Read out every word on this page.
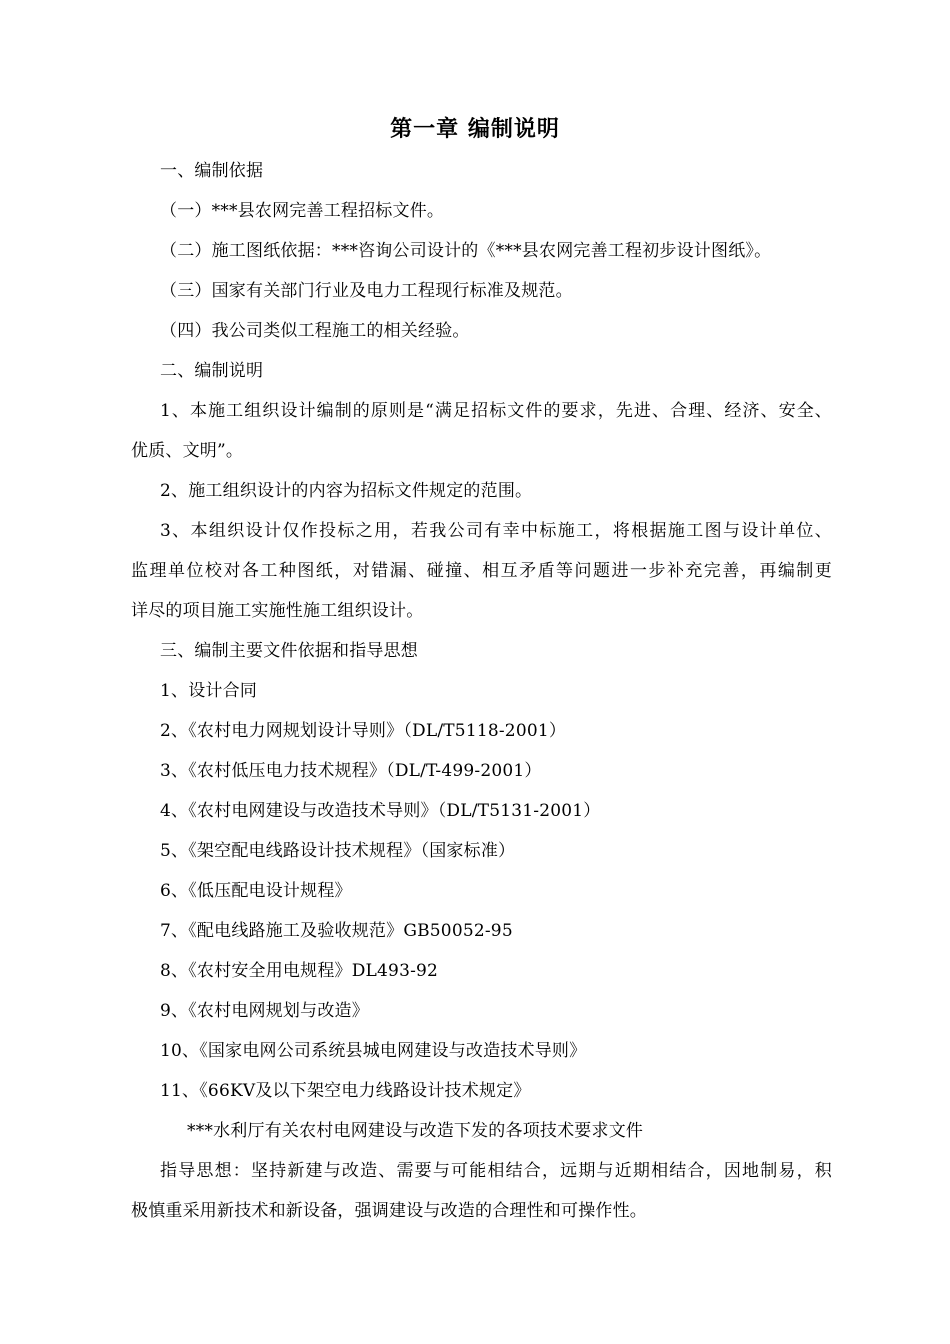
第一章 编制说明
一、编制依据
（一）***县农网完善工程招标文件。
（二）施工图纸依据：***咨询公司设计的《***县农网完善工程初步设计图纸》。
（三）国家有关部门行业及电力工程现行标准及规范。
（四）我公司类似工程施工的相关经验。
二、编制说明
1、本施工组织设计编制的原则是“满足招标文件的要求，先进、合理、经济、安全、
优质、文明”。
2、施工组织设计的内容为招标文件规定的范围。
3、本组织设计仅作投标之用，若我公司有幸中标施工，将根据施工图与设计单位、
监理单位校对各工种图纸，对错漏、碰撞、相互矛盾等问题进一步补充完善，再编制更
详尽的项目施工实施性施工组织设计。
三、编制主要文件依据和指导思想
1、设计合同
2、《农村电力网规划设计导则》（DL/T5118-2001）
3、《农村低压电力技术规程》（DL/T-499-2001）
4、《农村电网建设与改造技术导则》（DL/T5131-2001）
5、《架空配电线路设计技术规程》（国家标准）
6、《低压配电设计规程》
7、《配电线路施工及验收规范》GB50052-95
8、《农村安全用电规程》DL493-92
9、《农村电网规划与改造》
10、《国家电网公司系统县城电网建设与改造技术导则》
11、《66KV及以下架空电力线路设计技术规定》
***水利厅有关农村电网建设与改造下发的各项技术要求文件
指导思想：坚持新建与改造、需要与可能相结合，远期与近期相结合，因地制易，积
极慎重采用新技术和新设备，强调建设与改造的合理性和可操作性。
